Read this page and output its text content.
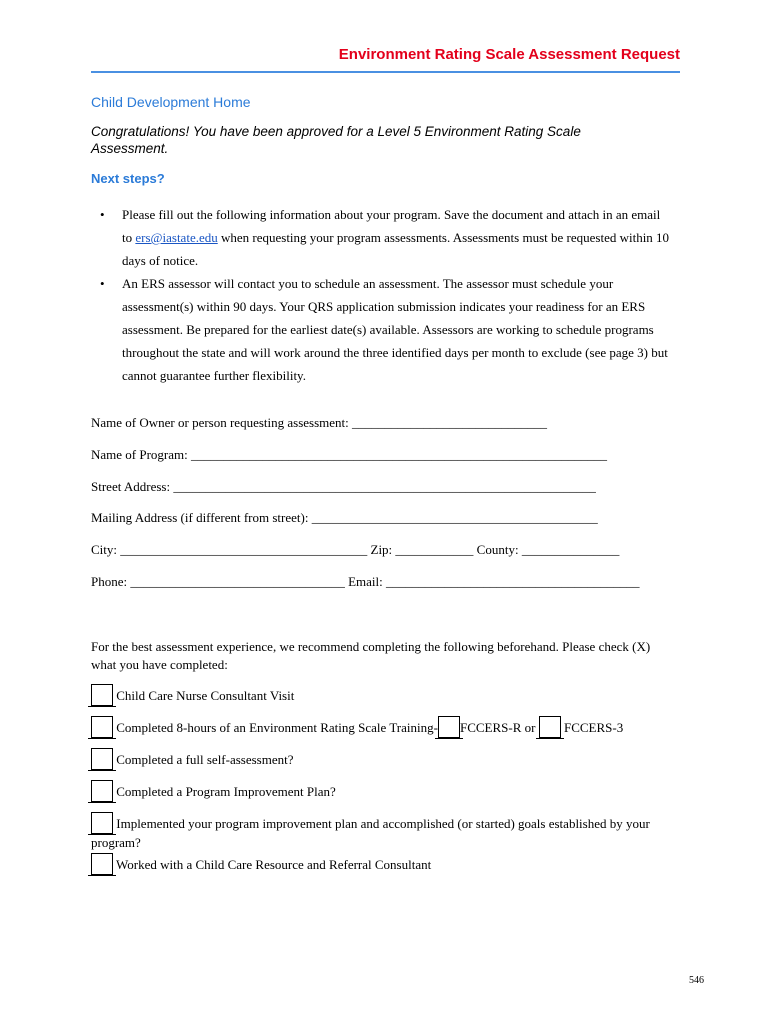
Environment Rating Scale Assessment Request
Child Development Home
Congratulations! You have been approved for a Level 5 Environment Rating Scale Assessment.
Next steps?
• Please fill out the following information about your program. Save the document and attach in an email to ers@iastate.edu when requesting your program assessments. Assessments must be requested within 10 days of notice.
• An ERS assessor will contact you to schedule an assessment. The assessor must schedule your assessment(s) within 90 days. Your QRS application submission indicates your readiness for an ERS assessment. Be prepared for the earliest date(s) available. Assessors are working to schedule programs throughout the state and will work around the three identified days per month to exclude (see page 3) but cannot guarantee further flexibility.
Name of Owner or person requesting assessment: ______________________________
Name of Program: ________________________________________________________________
Street Address: _________________________________________________________________
Mailing Address (if different from street): ____________________________________________
City: ______________________________________ Zip: ____________ County: _______________
Phone: _________________________________ Email: _______________________________________
For the best assessment experience, we recommend completing the following beforehand. Please check (X) what you have completed:
Child Care Nurse Consultant Visit
Completed 8-hours of an Environment Rating Scale Training- FCCERS-R or FCCERS-3
Completed a full self-assessment?
Completed a Program Improvement Plan?
Implemented your program improvement plan and accomplished (or started) goals established by your program?
Worked with a Child Care Resource and Referral Consultant
546
